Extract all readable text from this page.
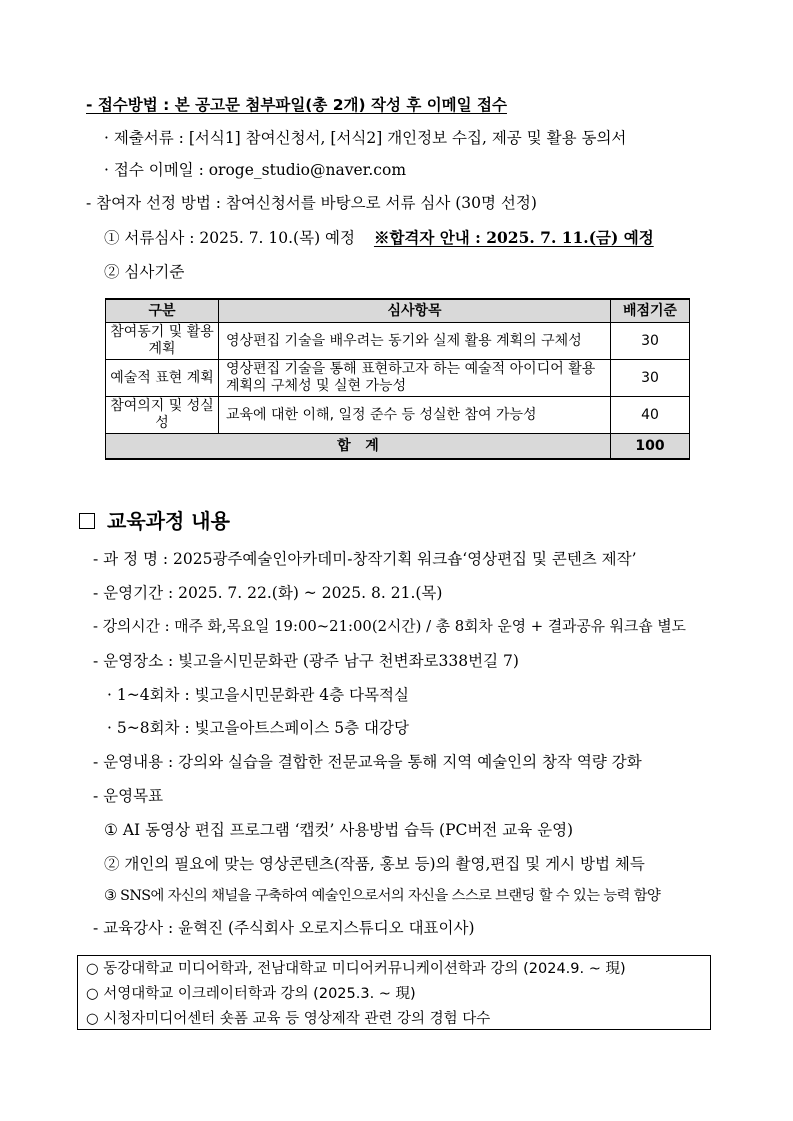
- 접수방법 : 본 공고문 첨부파일(총 2개) 작성 후 이메일 접수
· 제출서류 : [서식1] 참여신청서, [서식2] 개인정보 수집, 제공 및 활용 동의서
· 접수 이메일 : oroge_studio@naver.com
- 참여자 선정 방법 : 참여신청서를 바탕으로 서류 심사 (30명 선정)
① 서류심사 : 2025. 7. 10.(목) 예정 ※합격자 안내 : 2025. 7. 11.(금) 예정
② 심사기준
구분	심사항목	배점기준
참여동기 및 활용계획	영상편집 기술을 배우려는 동기와 실제 활용 계획의 구체성	30
예술적 표현 계획	영상편집 기술을 통해 표현하고자 하는 예술적 아이디어 활용 계획의 구체성 및 실현 가능성	30
참여의지 및 성실성	교육에 대한 이해, 일정 준수 등 성실한 참여 가능성	40
합   계		100
교육과정 내용
- 과 정 명 : 2025광주예술인아카데미-창작기획 워크숍‘영상편집 및 콘텐츠 제작’
- 운영기간 : 2025. 7. 22.(화) ~ 2025. 8. 21.(목)
- 강의시간 : 매주 화,목요일 19:00~21:00(2시간) / 총 8회차 운영 + 결과공유 워크숍 별도
- 운영장소 : 빛고을시민문화관 (광주 남구 천변좌로338번길 7)
· 1~4회차 : 빛고을시민문화관 4층 다목적실
· 5~8회차 : 빛고을아트스페이스 5층 대강당
- 운영내용 : 강의와 실습을 결합한 전문교육을 통해 지역 예술인의 창작 역량 강화
- 운영목표
① AI 동영상 편집 프로그램 ‘캡컷’ 사용방법 습득 (PC버전 교육 운영)
② 개인의 필요에 맞는 영상콘텐츠(작품, 홍보 등)의 촬영,편집 및 게시 방법 체득
③ SNS에 자신의 채널을 구축하여 예술인으로서의 자신을 스스로 브랜딩 할 수 있는 능력 함양
- 교육강사 : 윤혁진 (주식회사 오로지스튜디오 대표이사)
○ 동강대학교 미디어학과, 전남대학교 미디어커뮤니케이션학과 강의 (2024.9. ~ 現)
○ 서영대학교 이크레이터학과 강의 (2025.3. ~ 現)
○ 시청자미디어센터 숏폼 교육 등 영상제작 관련 강의 경험 다수
